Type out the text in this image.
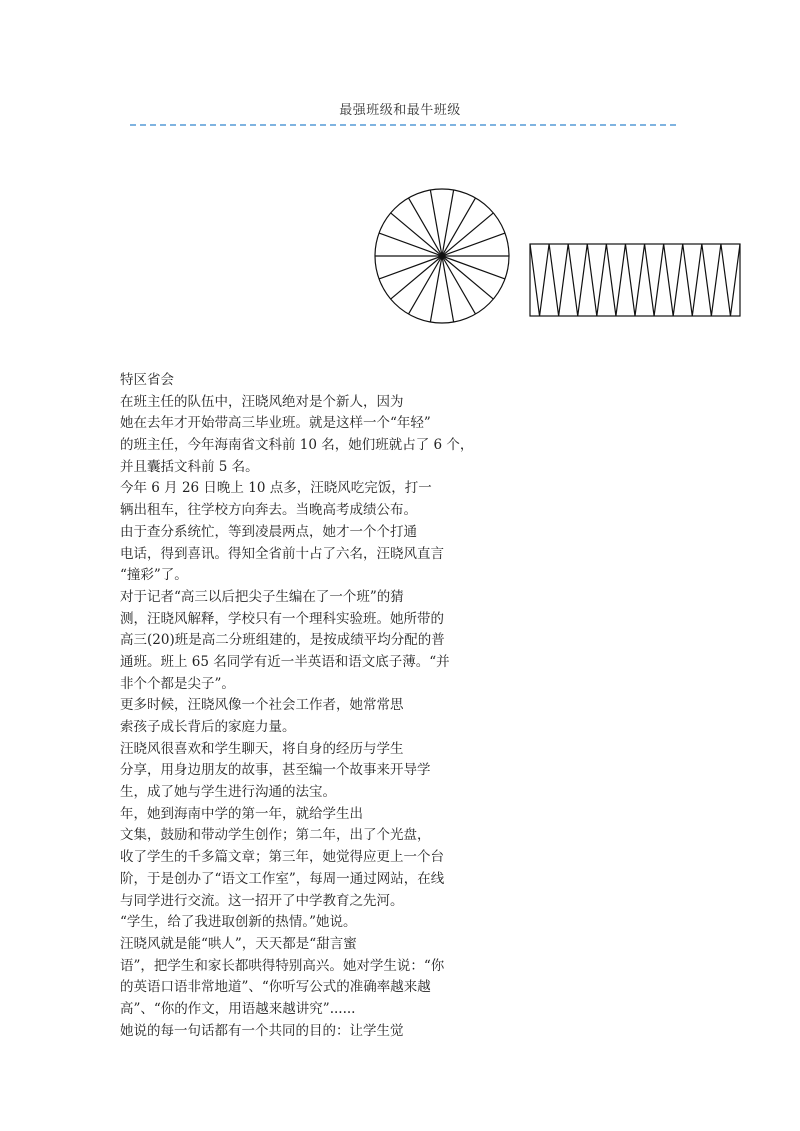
最强班级和最牛班级
特区省会
在班主任的队伍中，汪晓风绝对是个新人，因为
她在去年才开始带高三毕业班。就是这样一个“年轻”
的班主任，今年海南省文科前 10 名，她们班就占了 6 个，
并且囊括文科前 5 名。
今年 6 月 26 日晚上 10 点多，汪晓风吃完饭，打一
辆出租车，往学校方向奔去。当晚高考成绩公布。
由于查分系统忙，等到凌晨两点，她才一个个打通
电话，得到喜讯。得知全省前十占了六名，汪晓风直言
“撞彩”了。
对于记者“高三以后把尖子生编在了一个班”的猜
测，汪晓风解释，学校只有一个理科实验班。她所带的
高三(20)班是高二分班组建的，是按成绩平均分配的普
通班。班上 65 名同学有近一半英语和语文底子薄。“并
非个个都是尖子”。
更多时候，汪晓风像一个社会工作者，她常常思
索孩子成长背后的家庭力量。
汪晓风很喜欢和学生聊天，将自身的经历与学生
分享，用身边朋友的故事，甚至编一个故事来开导学
生，成了她与学生进行沟通的法宝。
年，她到海南中学的第一年，就给学生出
文集，鼓励和带动学生创作；第二年，出了个光盘，
收了学生的千多篇文章；第三年，她觉得应更上一个台
阶，于是创办了“语文工作室”，每周一通过网站，在线
与同学进行交流。这一招开了中学教育之先河。
“学生，给了我进取创新的热情。”她说。
汪晓风就是能“哄人”，天天都是“甜言蜜
语”，把学生和家长都哄得特别高兴。她对学生说：“你
的英语口语非常地道”、“你听写公式的准确率越来越
高”、“你的作文，用语越来越讲究”......
她说的每一句话都有一个共同的目的：让学生觉
